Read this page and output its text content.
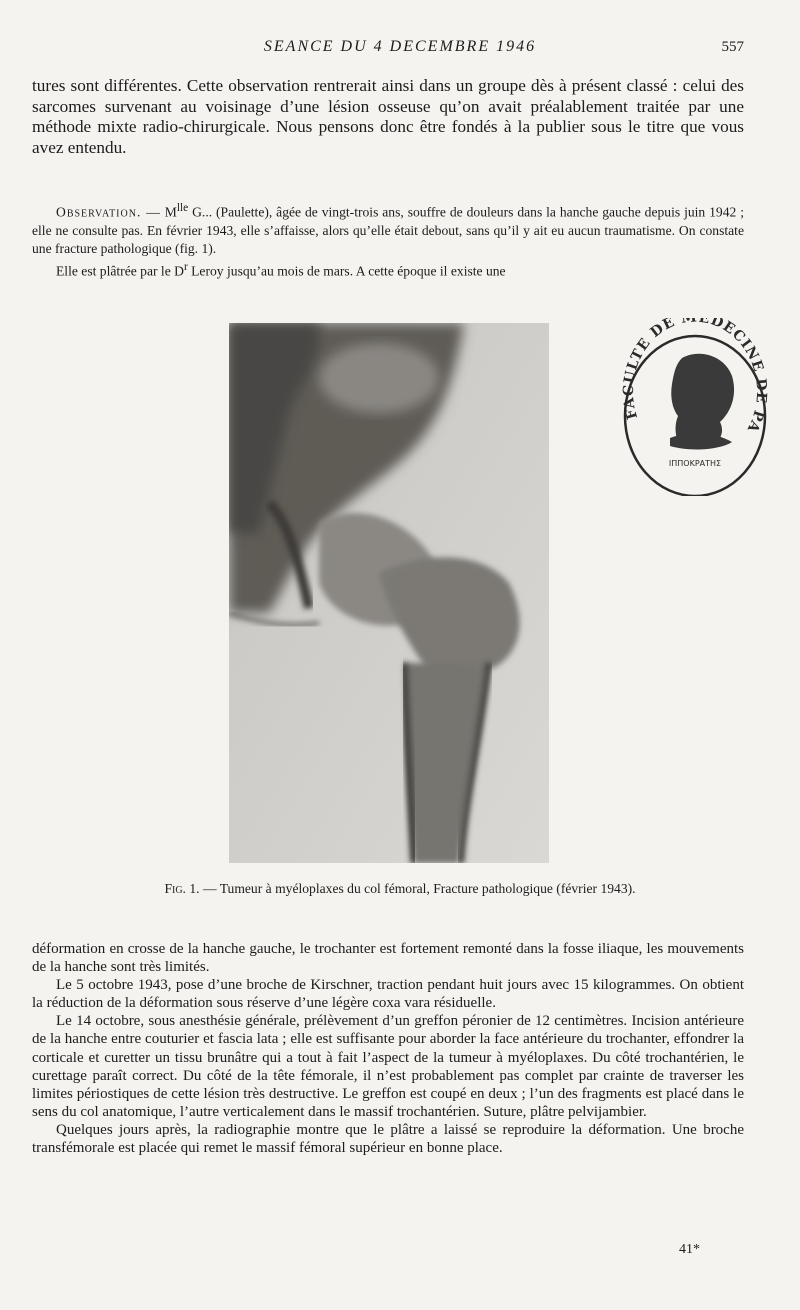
SEANCE DU 4 DECEMBRE 1946	557

tures sont différentes. Cette observation rentrerait ainsi dans un groupe dès à présent classé : celui des sarcomes survenant au voisinage d’une lésion osseuse qu’on avait préalablement traitée par une méthode mixte radio-chirurgicale. Nous pensons donc être fondés à la publier sous le titre que vous avez entendu.

Observation. — $M^{lle}$ G... (Paulette), âgée de vingt-trois ans, souffre de douleurs dans la hanche gauche depuis juin 1942 ; elle ne consulte pas. En février 1943, elle s’affaisse, alors qu’elle était debout, sans qu’il y ait eu aucun traumatisme. On constate une fracture pathologique (fig. 1).

Elle est plâtrée par le $D^r$ Leroy jusqu’au mois de mars. A cette époque il existe une

FACULTE DE EDECINE DE PA
ΙΠΠΟΚΡΑΤΗΣ
Fig. 1. — Tumeur à myéloplaxes du col fémoral, Fracture pathologique (février 1943).

déformation en crosse de la hanche gauche, le trochanter est fortement remonté dans la fosse iliaque, les mouvements de la hanche sont très limités.

Le 5 octobre 1943, pose d’une broche de Kirschner, traction pendant huit jours avec 15 kilogrammes. On obtient la réduction de la déformation sous réserve d’une légère coxa vara résiduelle.

Le 14 octobre, sous anesthésie générale, prélèvement d’un greffon péronier de 12 centimètres. Incision antérieure de la hanche entre couturier et fascia lata ; elle est suffisante pour aborder la face antérieure du trochanter, effondrer la corticale et curetter un tissu brunâtre qui a tout à fait l’aspect de la tumeur à myéloplaxes. Du côté trochantérien, le curettage paraît correct. Du côté de la tête fémorale, il n’est probablement pas complet par crainte de traverser les limites périostiques de cette lésion très destructive. Le greffon est coupé en deux ; l’un des fragments est placé dans le sens du col anatomique, l’autre verticalement dans le massif trochantérien. Suture, plâtre pelvijambier.

Quelques jours après, la radiographie montre que le plâtre a laissé se reproduire la déformation. Une broche transfémorale est placée qui remet le massif fémoral supérieur en bonne place.

41*
